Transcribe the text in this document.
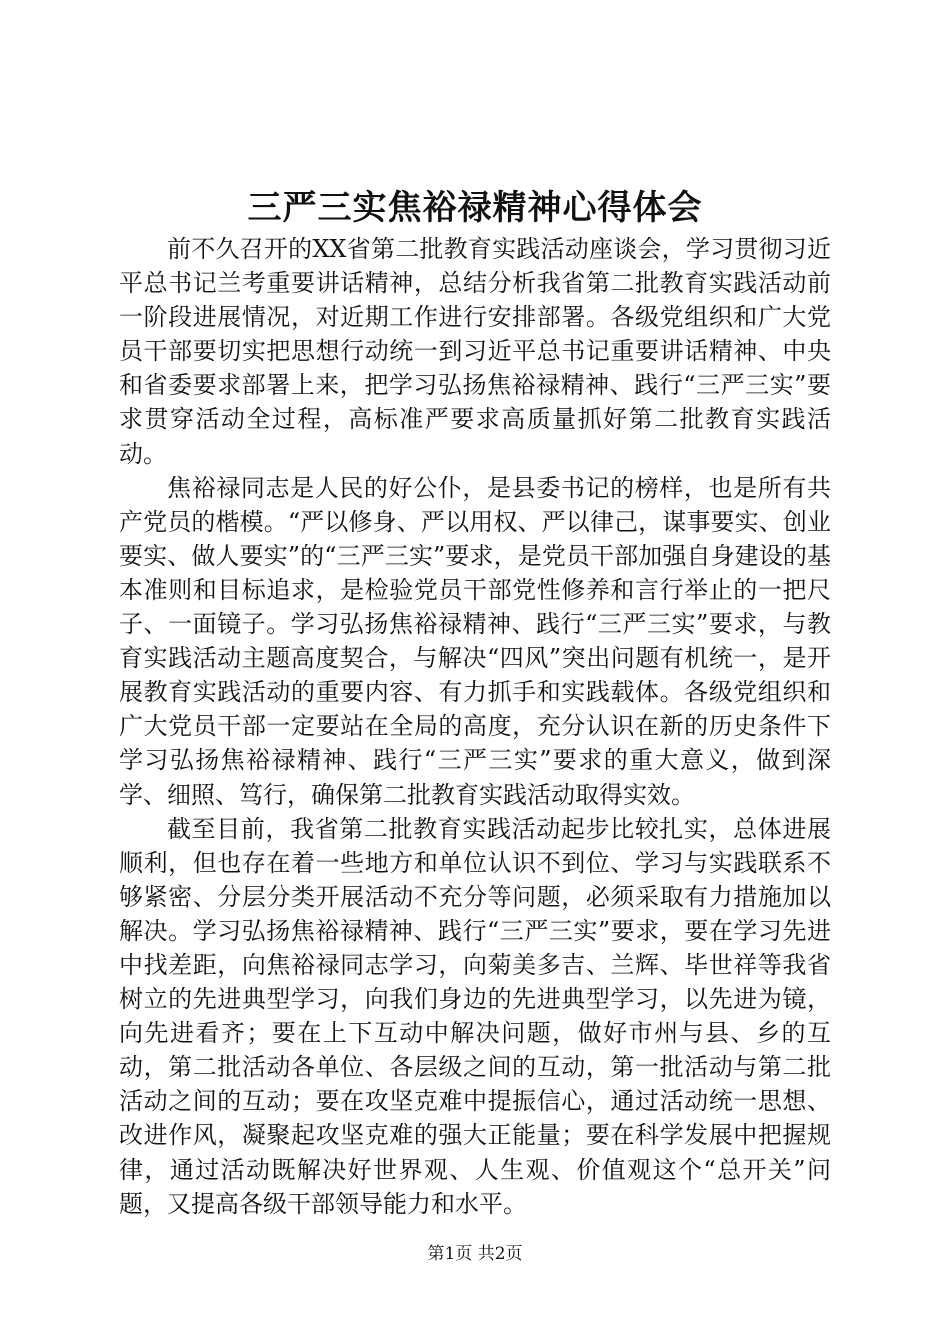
三严三实焦裕禄精神心得体会

前不久召开的XX省第二批教育实践活动座谈会，学习贯彻习近平总书记兰考重要讲话精神，总结分析我省第二批教育实践活动前一阶段进展情况，对近期工作进行安排部署。各级党组织和广大党员干部要切实把思想行动统一到习近平总书记重要讲话精神、中央和省委要求部署上来，把学习弘扬焦裕禄精神、践行“三严三实”要求贯穿活动全过程，高标准严要求高质量抓好第二批教育实践活动。

焦裕禄同志是人民的好公仆，是县委书记的榜样，也是所有共产党员的楷模。“严以修身、严以用权、严以律己，谋事要实、创业要实、做人要实”的“三严三实”要求，是党员干部加强自身建设的基本准则和目标追求，是检验党员干部党性修养和言行举止的一把尺子、一面镜子。学习弘扬焦裕禄精神、践行“三严三实”要求，与教育实践活动主题高度契合，与解决“四风”突出问题有机统一，是开展教育实践活动的重要内容、有力抓手和实践载体。各级党组织和广大党员干部一定要站在全局的高度，充分认识在新的历史条件下学习弘扬焦裕禄精神、践行“三严三实”要求的重大意义，做到深学、细照、笃行，确保第二批教育实践活动取得实效。

截至目前，我省第二批教育实践活动起步比较扎实，总体进展顺利，但也存在着一些地方和单位认识不到位、学习与实践联系不够紧密、分层分类开展活动不充分等问题，必须采取有力措施加以解决。学习弘扬焦裕禄精神、践行“三严三实”要求，要在学习先进中找差距，向焦裕禄同志学习，向菊美多吉、兰辉、毕世祥等我省树立的先进典型学习，向我们身边的先进典型学习，以先进为镜，向先进看齐；要在上下互动中解决问题，做好市州与县、乡的互动，第二批活动各单位、各层级之间的互动，第一批活动与第二批活动之间的互动；要在攻坚克难中提振信心，通过活动统一思想、改进作风，凝聚起攻坚克难的强大正能量；要在科学发展中把握规律，通过活动既解决好世界观、人生观、价值观这个“总开关”问题，又提高各级干部领导能力和水平。

第1页 共2页
